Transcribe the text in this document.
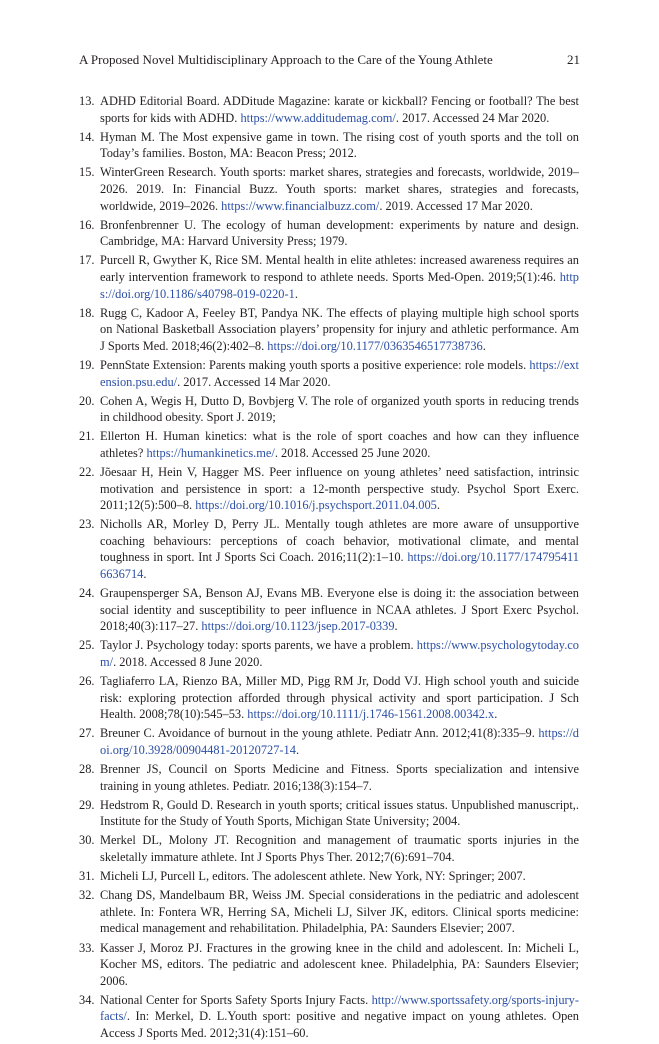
A Proposed Novel Multidisciplinary Approach to the Care of the Young Athlete	21
13. ADHD Editorial Board. ADDitude Magazine: karate or kickball? Fencing or football? The best sports for kids with ADHD. https://www.additudemag.com/. 2017. Accessed 24 Mar 2020.
14. Hyman M. The Most expensive game in town. The rising cost of youth sports and the toll on Today’s families. Boston, MA: Beacon Press; 2012.
15. WinterGreen Research. Youth sports: market shares, strategies and forecasts, worldwide, 2019–2026. 2019. In: Financial Buzz. Youth sports: market shares, strategies and forecasts, worldwide, 2019–2026. https://www.financialbuzz.com/. 2019. Accessed 17 Mar 2020.
16. Bronfenbrenner U. The ecology of human development: experiments by nature and design. Cambridge, MA: Harvard University Press; 1979.
17. Purcell R, Gwyther K, Rice SM. Mental health in elite athletes: increased awareness requires an early intervention framework to respond to athlete needs. Sports Med-Open. 2019;5(1):46. https://doi.org/10.1186/s40798-019-0220-1.
18. Rugg C, Kadoor A, Feeley BT, Pandya NK. The effects of playing multiple high school sports on National Basketball Association players’ propensity for injury and athletic performance. Am J Sports Med. 2018;46(2):402–8. https://doi.org/10.1177/0363546517738736.
19. PennState Extension: Parents making youth sports a positive experience: role models. https://extension.psu.edu/. 2017. Accessed 14 Mar 2020.
20. Cohen A, Wegis H, Dutto D, Bovbjerg V. The role of organized youth sports in reducing trends in childhood obesity. Sport J. 2019;
21. Ellerton H. Human kinetics: what is the role of sport coaches and how can they influence athletes? https://humankinetics.me/. 2018. Accessed 25 June 2020.
22. Jõesaar H, Hein V, Hagger MS. Peer influence on young athletes’ need satisfaction, intrinsic motivation and persistence in sport: a 12-month perspective study. Psychol Sport Exerc. 2011;12(5):500–8. https://doi.org/10.1016/j.psychsport.2011.04.005.
23. Nicholls AR, Morley D, Perry JL. Mentally tough athletes are more aware of unsupportive coaching behaviours: perceptions of coach behavior, motivational climate, and mental toughness in sport. Int J Sports Sci Coach. 2016;11(2):1–10. https://doi.org/10.1177/1747954116636714.
24. Graupensperger SA, Benson AJ, Evans MB. Everyone else is doing it: the association between social identity and susceptibility to peer influence in NCAA athletes. J Sport Exerc Psychol. 2018;40(3):117–27. https://doi.org/10.1123/jsep.2017-0339.
25. Taylor J. Psychology today: sports parents, we have a problem. https://www.psychologytoday.com/. 2018. Accessed 8 June 2020.
26. Tagliaferro LA, Rienzo BA, Miller MD, Pigg RM Jr, Dodd VJ. High school youth and suicide risk: exploring protection afforded through physical activity and sport participation. J Sch Health. 2008;78(10):545–53. https://doi.org/10.1111/j.1746-1561.2008.00342.x.
27. Breuner C. Avoidance of burnout in the young athlete. Pediatr Ann. 2012;41(8):335–9. https://doi.org/10.3928/00904481-20120727-14.
28. Brenner JS, Council on Sports Medicine and Fitness. Sports specialization and intensive training in young athletes. Pediatr. 2016;138(3):154–7.
29. Hedstrom R, Gould D. Research in youth sports; critical issues status. Unpublished manuscript,. Institute for the Study of Youth Sports, Michigan State University; 2004.
30. Merkel DL, Molony JT. Recognition and management of traumatic sports injuries in the skeletally immature athlete. Int J Sports Phys Ther. 2012;7(6):691–704.
31. Micheli LJ, Purcell L, editors. The adolescent athlete. New York, NY: Springer; 2007.
32. Chang DS, Mandelbaum BR, Weiss JM. Special considerations in the pediatric and adolescent athlete. In: Fontera WR, Herring SA, Micheli LJ, Silver JK, editors. Clinical sports medicine: medical management and rehabilitation. Philadelphia, PA: Saunders Elsevier; 2007.
33. Kasser J, Moroz PJ. Fractures in the growing knee in the child and adolescent. In: Micheli L, Kocher MS, editors. The pediatric and adolescent knee. Philadelphia, PA: Saunders Elsevier; 2006.
34. National Center for Sports Safety Sports Injury Facts. http://www.sportssafety.org/sports-injury-facts/. In: Merkel, D. L.Youth sport: positive and negative impact on young athletes. Open Access J Sports Med. 2012;31(4):151–60.
